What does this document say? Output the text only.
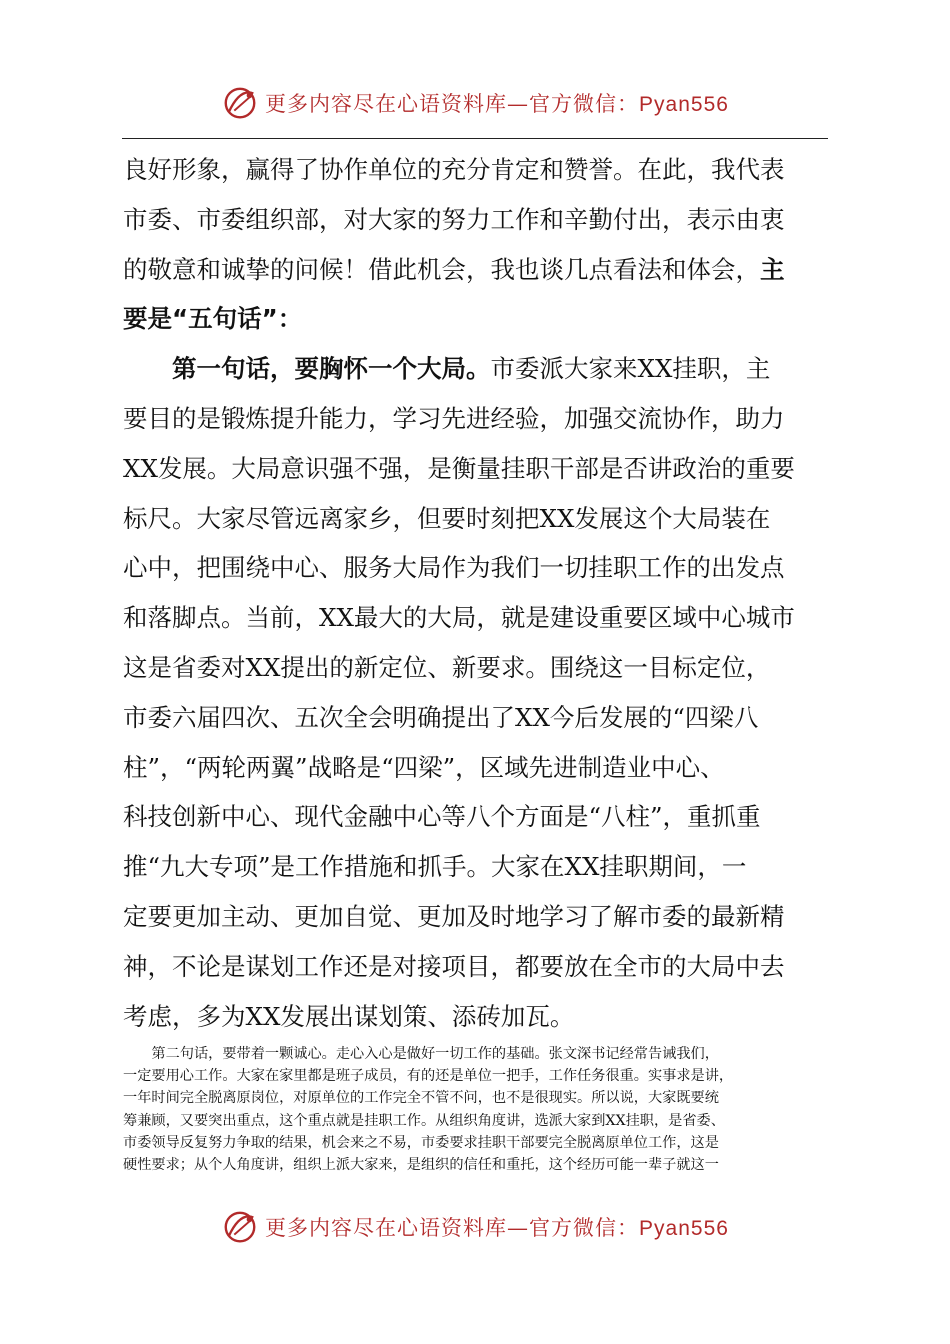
更多内容尽在心语资料库—官方微信：Pyan556
良好形象，赢得了协作单位的充分肯定和赞誉。在此，我代表
市委、市委组织部，对大家的努力工作和辛勤付出，表示由衷
的敬意和诚挚的问候！借此机会，我也谈几点看法和体会，主
要是“五句话”：
第一句话，要胸怀一个大局。市委派大家来XX挂职，主
要目的是锻炼提升能力，学习先进经验，加强交流协作，助力
XX发展。大局意识强不强，是衡量挂职干部是否讲政治的重要
标尺。大家尽管远离家乡，但要时刻把XX发展这个大局装在
心中，把围绕中心、服务大局作为我们一切挂职工作的出发点
和落脚点。当前，XX最大的大局，就是建设重要区域中心城市
这是省委对XX提出的新定位、新要求。围绕这一目标定位，
市委六届四次、五次全会明确提出了XX今后发展的“四梁八
柱”，“两轮两翼”战略是“四梁”，区域先进制造业中心、
科技创新中心、现代金融中心等八个方面是“八柱”，重抓重
推“九大专项”是工作措施和抓手。大家在XX挂职期间，一
定要更加主动、更加自觉、更加及时地学习了解市委的最新精
神，不论是谋划工作还是对接项目，都要放在全市的大局中去
考虑，多为XX发展出谋划策、添砖加瓦。
　　第二句话，要带着一颗诚心。走心入心是做好一切工作的基础。张文深书记经常告诫我们，
一定要用心工作。大家在家里都是班子成员，有的还是单位一把手，工作任务很重。实事求是讲，
一年时间完全脱离原岗位，对原单位的工作完全不管不问，也不是很现实。所以说，大家既要统
筹兼顾，又要突出重点，这个重点就是挂职工作。从组织角度讲，选派大家到XX挂职，是省委、
市委领导反复努力争取的结果，机会来之不易，市委要求挂职干部要完全脱离原单位工作，这是
硬性要求；从个人角度讲，组织上派大家来，是组织的信任和重托，这个经历可能一辈子就这一
更多内容尽在心语资料库—官方微信：Pyan556
